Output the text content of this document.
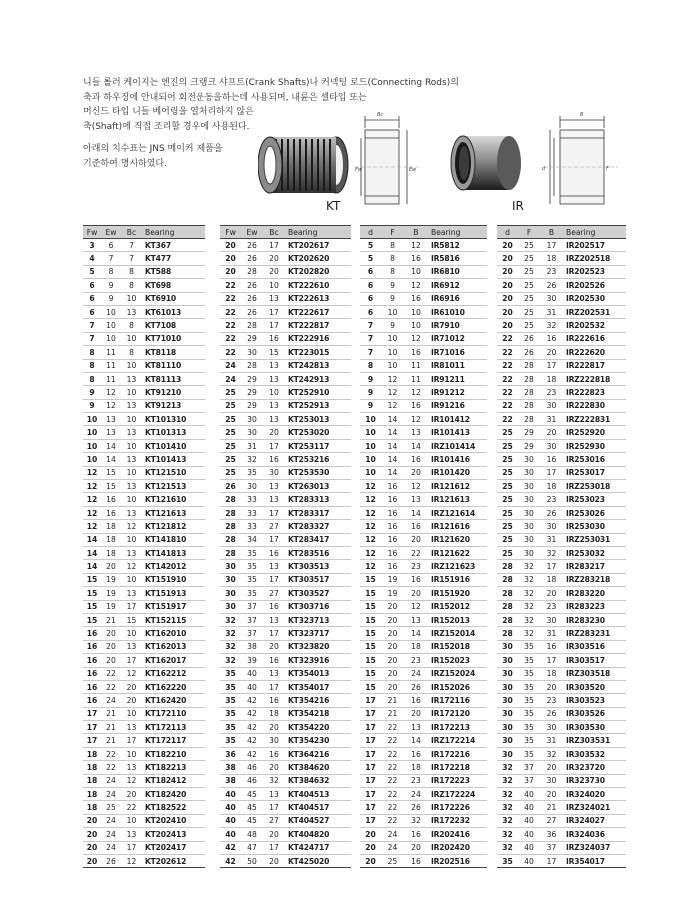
니들 롤러 케이지는 엔진의 크랭크 샤프트(Crank Shafts)나 커넥팅 로드(Connecting Rods)의

축과 하우징에 안내되어 회전운동을하는데 사용되며, 내륜은 셀타입 또는

머신드 타입 니들 베어링을 열처리하지 않은

축(Shaft)에 직접 조리할 경우에 사용된다.

아래의 치수표는 JNS 메이커 제품을

기준하여 명시하였다.

KT
Bc
Fw	Ew
IR
B
d	F
Fw	Ew	Bc	Bearing
3	6	7	KT367
4	7	7	KT477
5	8	8	KT588
6	9	8	KT698
6	9	10	KT6910
6	10	13	KT61013
7	10	8	KT7108
7	10	10	KT71010
8	11	8	KT8118
8	11	10	KT81110
8	11	13	KT81113
9	12	10	KT91210
9	12	13	KT91213
10	13	10	KT101310
10	13	13	KT101313
10	14	10	KT101410
10	14	13	KT101413
12	15	10	KT121510
12	15	13	KT121513
12	16	10	KT121610
12	16	13	KT121613
12	18	12	KT121812
14	18	10	KT141810
14	18	13	KT141813
14	20	12	KT142012
15	19	10	KT151910
15	19	13	KT151913
15	19	17	KT151917
15	21	15	KT152115
16	20	10	KT162010
16	20	13	KT162013
16	20	17	KT162017
16	22	12	KT162212
16	22	20	KT162220
16	24	20	KT162420
17	21	10	KT172110
17	21	13	KT172113
17	21	17	KT172117
18	22	10	KT182210
18	22	13	KT182213
18	24	12	KT182412
18	24	20	KT182420
18	25	22	KT182522
20	24	10	KT202410
20	24	13	KT202413
20	24	17	KT202417
20	26	12	KT202612
Fw	Ew	Bc	Bearing
20	26	17	KT202617
20	26	20	KT202620
20	28	20	KT202820
22	26	10	KT222610
22	26	13	KT222613
22	26	17	KT222617
22	28	17	KT222817
22	29	16	KT222916
22	30	15	KT223015
24	28	13	KT242813
24	29	13	KT242913
25	29	10	KT252910
25	29	13	KT252913
25	30	13	KT253013
25	30	20	KT253020
25	31	17	KT253117
25	32	16	KT253216
25	35	30	KT253530
26	30	13	KT263013
28	33	13	KT283313
28	33	17	KT283317
28	33	27	KT283327
28	34	17	KT283417
28	35	16	KT283516
30	35	13	KT303513
30	35	17	KT303517
30	35	27	KT303527
30	37	16	KT303716
32	37	13	KT323713
32	37	17	KT323717
32	38	20	KT323820
32	39	16	KT323916
35	40	13	KT354013
35	40	17	KT354017
35	42	16	KT354216
35	42	18	KT354218
35	42	20	KT354220
35	42	30	KT354230
36	42	16	KT364216
38	46	20	KT384620
38	46	32	KT384632
40	45	13	KT404513
40	45	17	KT404517
40	45	27	KT404527
40	48	20	KT404820
42	47	17	KT424717
42	50	20	KT425020
d	F	B	Bearing
5	8	12	IR5812
5	8	16	IR5816
6	8	10	IR6810
6	9	12	IR6912
6	9	16	IR6916
6	10	10	IR61010
7	9	10	IR7910
7	10	12	IR71012
7	10	16	IR71016
8	10	11	IR81011
9	12	11	IR91211
9	12	12	IR91212
9	12	16	IR91216
10	14	12	IR101412
10	14	13	IR101413
10	14	14	IRZ101414
10	14	16	IR101416
10	14	20	IR101420
12	16	12	IR121612
12	16	13	IR121613
12	16	14	IRZ121614
12	16	16	IR121616
12	16	20	IR121620
12	16	22	IR121622
12	16	23	IRZ121623
15	19	16	IR151916
15	19	20	IR151920
15	20	12	IR152012
15	20	13	IR152013
15	20	14	IRZ152014
15	20	18	IR152018
15	20	23	IR152023
15	20	24	IRZ152024
15	20	26	IR152026
17	21	16	IR172116
17	21	20	IR172120
17	22	13	IR172213
17	22	14	IRZ172214
17	22	16	IR172216
17	22	18	IR172218
17	22	23	IR172223
17	22	24	IRZ172224
17	22	26	IR172226
17	22	32	IR172232
20	24	16	IR202416
20	24	20	IR202420
20	25	16	IR202516
d	F	B	Bearing
20	25	17	IR202517
20	25	18	IRZ202518
20	25	23	IR202523
20	25	26	IR202526
20	25	30	IR202530
20	25	31	IRZ202531
20	25	32	IR202532
22	26	16	IR222616
22	26	20	IR222620
22	28	17	IR222817
22	28	18	IRZ222818
22	28	23	IR222823
22	28	30	IR222830
22	28	31	IRZ222831
25	29	20	IR252920
25	29	30	IR252930
25	30	16	IR253016
25	30	17	IR253017
25	30	18	IRZ253018
25	30	23	IR253023
25	30	26	IR253026
25	30	30	IR253030
25	30	31	IRZ253031
25	30	32	IR253032
28	32	17	IR283217
28	32	18	IRZ283218
28	32	20	IR283220
28	32	23	IR283223
28	32	30	IR283230
28	32	31	IRZ283231
30	35	16	IR303516
30	35	17	IR303517
30	35	18	IRZ303518
30	35	20	IR303520
30	35	23	IR303523
30	35	26	IR303526
30	35	30	IR303530
30	35	31	IRZ303531
30	35	32	IR303532
32	37	20	IR323720
32	37	30	IR323730
32	40	20	IR324020
32	40	21	IRZ324021
32	40	27	IR324027
32	40	36	IR324036
32	40	37	IRZ324037
35	40	17	IR354017
